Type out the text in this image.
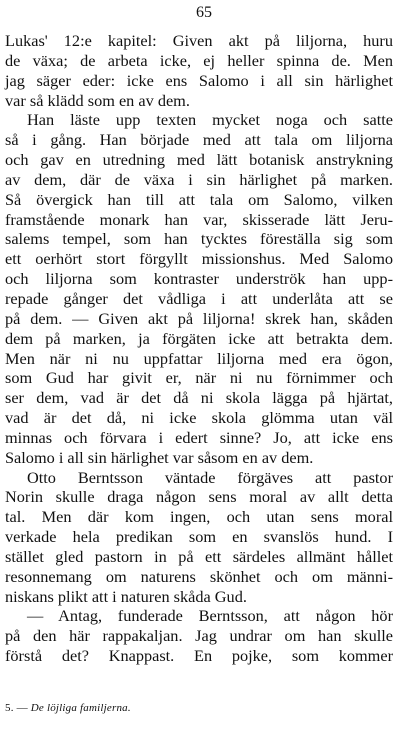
65
Lukas' 12:e kapitel: Given akt på liljorna, huru
de växa; de arbeta icke, ej heller spinna de. Men
jag säger eder: icke ens Salomo i all sin härlighet
var så klädd som en av dem.
Han läste upp texten mycket noga och satte
så i gång. Han började med att tala om liljorna
och gav en utredning med lätt botanisk anstrykning
av dem, där de växa i sin härlighet på marken.
Så övergick han till att tala om Salomo, vilken
framstående monark han var, skisserade lätt Jeru-
salems tempel, som han tycktes föreställa sig som
ett oerhört stort förgyllt missionshus. Med Salomo
och liljorna som kontraster underströk han upp-
repade gånger det vådliga i att underlåta att se
på dem. — Given akt på liljorna! skrek han, skåden
dem på marken, ja förgäten icke att betrakta dem.
Men när ni nu uppfattar liljorna med era ögon,
som Gud har givit er, när ni nu förnimmer och
ser dem, vad är det då ni skola lägga på hjärtat,
vad är det då, ni icke skola glömma utan väl
minnas och förvara i edert sinne? Jo, att icke ens
Salomo i all sin härlighet var såsom en av dem.
Otto Berntsson väntade förgäves att pastor
Norin skulle draga någon sens moral av allt detta
tal. Men där kom ingen, och utan sens moral
verkade hela predikan som en svanslös hund. I
stället gled pastorn in på ett särdeles allmänt hållet
resonnemang om naturens skönhet och om männi-
niskans plikt att i naturen skåda Gud.
— Antag, funderade Berntsson, att någon hör
på den här rappakaljan. Jag undrar om han skulle
förstå det? Knappast. En pojke, som kommer
5. — De löjliga familjerna.
